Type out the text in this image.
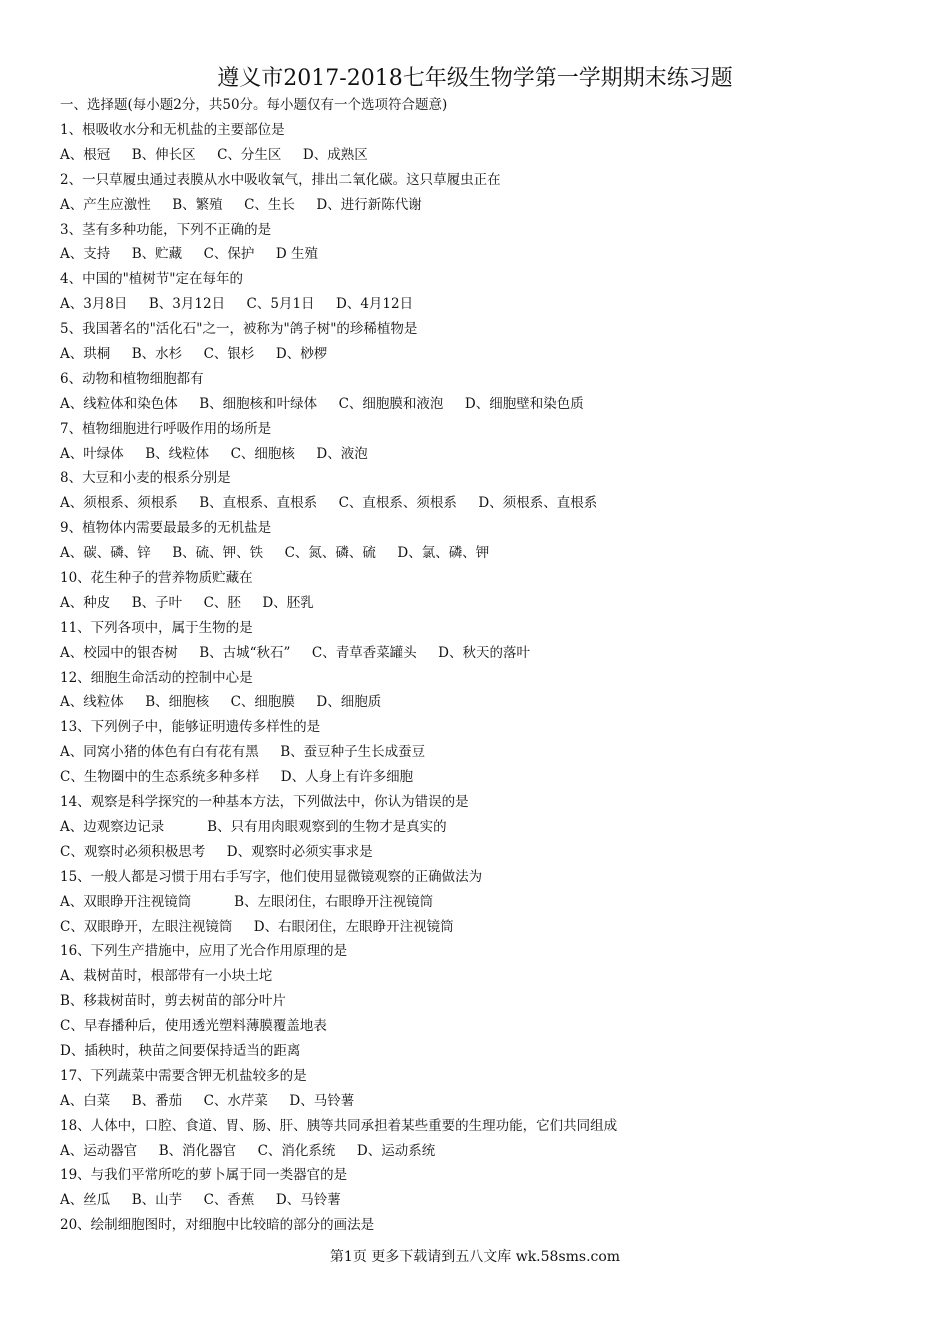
遵义市2017-2018七年级生物学第一学期期末练习题
一、选择题(每小题2分，共50分。每小题仅有一个选项符合题意)
1、根吸收水分和无机盐的主要部位是
A、根冠     B、伸长区     C、分生区     D、成熟区
2、一只草履虫通过表膜从水中吸收氧气，排出二氧化碳。这只草履虫正在
A、产生应激性     B、繁殖     C、生长     D、进行新陈代谢
3、茎有多种功能，下列不正确的是
A、支持     B、贮藏     C、保护     D 生殖
4、中国的"植树节"定在每年的
A、3月8日     B、3月12日     C、5月1日     D、4月12日
5、我国著名的"活化石"之一，被称为"鸽子树"的珍稀植物是
A、珙桐     B、水杉     C、银杉     D、桫椤
6、动物和植物细胞都有
A、线粒体和染色体     B、细胞核和叶绿体     C、细胞膜和液泡     D、细胞壁和染色质
7、植物细胞进行呼吸作用的场所是
A、叶绿体     B、线粒体     C、细胞核     D、液泡
8、大豆和小麦的根系分别是
A、须根系、须根系     B、直根系、直根系     C、直根系、须根系     D、须根系、直根系
9、植物体内需要最最多的无机盐是
A、碳、磷、锌     B、硫、钾、铁     C、氮、磷、硫     D、氯、磷、钾
10、花生种子的营养物质贮藏在
A、种皮     B、子叶     C、胚     D、胚乳
11、下列各项中，属于生物的是
A、校园中的银杏树     B、古城“秋石”     C、青草香菜罐头     D、秋天的落叶
12、细胞生命活动的控制中心是
A、线粒体     B、细胞核     C、细胞膜     D、细胞质
13、下列例子中，能够证明遗传多样性的是
A、同窝小猪的体色有白有花有黑     B、蚕豆种子生长成蚕豆
C、生物圈中的生态系统多种多样     D、人身上有许多细胞
14、观察是科学探究的一种基本方法，下列做法中，你认为错误的是
A、边观察边记录          B、只有用肉眼观察到的生物才是真实的
C、观察时必须积极思考     D、观察时必须实事求是
15、一般人都是习惯于用右手写字，他们使用显微镜观察的正确做法为
A、双眼睁开注视镜筒          B、左眼闭住，右眼睁开注视镜筒
C、双眼睁开，左眼注视镜筒     D、右眼闭住，左眼睁开注视镜筒
16、下列生产措施中，应用了光合作用原理的是
A、栽树苗时，根部带有一小块土坨
B、移栽树苗时，剪去树苗的部分叶片
C、早春播种后，使用透光塑料薄膜覆盖地表
D、插秧时，秧苗之间要保持适当的距离
17、下列蔬菜中需要含钾无机盐较多的是
A、白菜     B、番茄     C、水芹菜     D、马铃薯
18、人体中，口腔、食道、胃、肠、肝、胰等共同承担着某些重要的生理功能，它们共同组成
A、运动器官     B、消化器官     C、消化系统     D、运动系统
19、与我们平常所吃的萝卜属于同一类器官的是
A、丝瓜     B、山芋     C、香蕉     D、马铃薯
20、绘制细胞图时，对细胞中比较暗的部分的画法是
第1页 更多下载请到五八文库 wk.58sms.com
